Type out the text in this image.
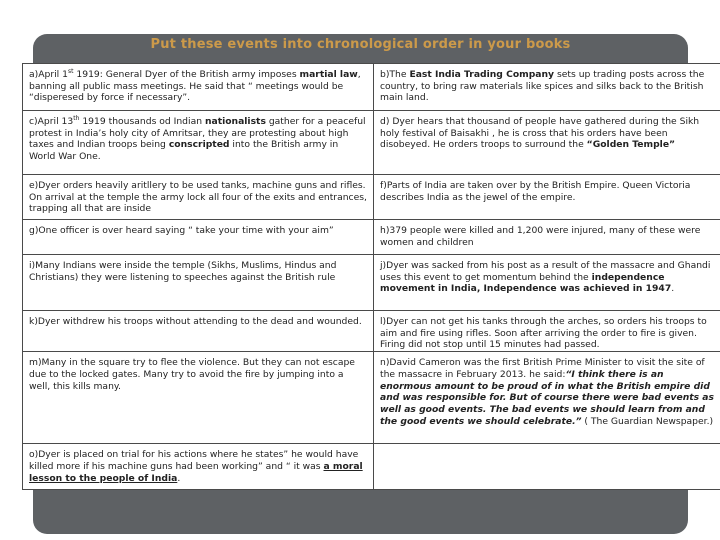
Put these events into chronological order in your books
a)April 1st 1919: General Dyer of the British army imposes martial law, banning all public mass meetings. He said that “ meetings would be “disperesed by force if necessary”.	b)The East India Trading Company sets up trading posts across the country, to bring raw materials like spices and silks back to the British main land.
c)April 13th 1919 thousands od Indian nationalists gather for a peaceful protest in India’s holy city of Amritsar, they are protesting about high taxes and Indian troops being conscripted into the British army in World War One.	d) Dyer hears that thousand of people have gathered during the Sikh holy festival of Baisakhi , he is cross that his orders have been disobeyed. He orders troops to surround the “Golden Temple”
e)Dyer orders heavily aritllery to be used tanks, machine guns and rifles. On arrival at the temple the army lock all four of the exits and entrances, trapping all that are inside	f)Parts of India are taken over by the British Empire. Queen Victoria describes India as the jewel of the empire.
g)One officer is over heard saying “ take your time with your aim”	h)379 people were killed and 1,200 were injured, many of these were women and children
i)Many Indians were inside the temple (Sikhs, Muslims, Hindus and Christians) they were listening to speeches against the British rule	j)Dyer was sacked from his post as a result of the massacre and Ghandi uses this event to get momentum behind the independence movement in India, Independence was achieved in 1947.
k)Dyer withdrew his troops without attending to the dead and wounded.	l)Dyer can not get his tanks through the arches, so orders his troops to aim and fire using rifles. Soon after arriving the order to fire is given. Firing did not stop until 15 minutes had passed.
m)Many in the square try to flee the violence. But they can not escape due to the locked gates. Many try to avoid the fire by jumping into a well, this kills many.	n)David Cameron was the first British Prime Minister to visit the site of the massacre in February 2013. he said:“I think there is an enormous amount to be proud of in what the British empire did and was responsible for. But of course there were bad events as well as good events. The bad events we should learn from and the good events we should celebrate.” ( The Guardian Newspaper.)
o)Dyer is placed on trial for his actions where he states” he would have killed more if his machine guns had been working” and “ it was a moral lesson to the people of India.	
